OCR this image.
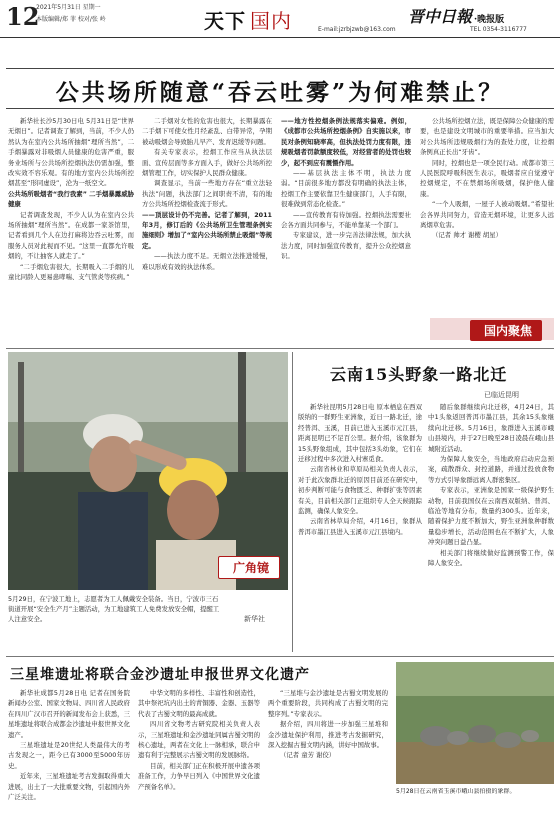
12
2021年5月31日 星期一
本版编辑/郑 菲 校对/张 岭	天下 国内	晋中日報 ·晚报版
E-mail:jzrbjzwb@163.com	TEL 0354-3116777
公共场所随意“吞云吐雾”为何难禁止？

新华社长沙5月30日电 5月31日是“世界无烟日”。记者调查了解到，当前，不少人仍然认为在室内公共场所抽烟“理所当然”，二手烟暴露对非吸烟人员健康的危害严重，服务业场所与公共场所控烟执法仍需加强，整改实效不容乐观。有的地方室内公共场所控烟甚至“形同虚设”，沦为一纸空文。

公共场所吸烟者“我行我素” 二手烟暴露威胁健康

记者调查发现，不少人认为在室内公共场所抽烟“理所当然”。在成都一家茶馆里，记者看到几个人在边打麻将边吞云吐雾，而服务人员对此视而不见。“这里一直都允许吸烟的，不让抽客人就走了。”

“二手烟危害很大，长期吸入二手烟的儿童比同龄人更易患哮喘、支气管炎等疾病。”

二手烟对女性的危害也很大，长期暴露在二手烟下可使女性月经紊乱、白带异常，孕期被动吸烟会导致胎儿早产、发育迟缓等问题。

有关专家表示，控烟工作应当从执法层面、宣传层面等多方面入手，做好公共场所控烟管理工作，切实保护人民群众健康。

调查显示，当前一些地方存在“重立法轻执法”问题，执法部门之间职责不清，有的地方公共场所控烟检查流于形式。

——顶层设计仍不完善。记者了解到，2011年3月，修订后的《公共场所卫生管理条例实施细则》增加了“室内公共场所禁止吸烟”等规定。

——执法力度不足。无烟立法推进缓慢，难以形成有效的执法体系。

——地方性控烟条例法规落实偏难。例如，《成都市公共场所控烟条例》自实施以来，市民对条例知晓率高，但执法处罚力度有限，违规吸烟者罚款额度较低，对经营者的处罚也较少，起不到应有震慑作用。

——基层执法主体不明，执法力度弱。“目前很多地方都没有明确的执法主体，控烟工作主要依靠卫生健康部门，人手有限，很难做到常态化检查。”

——宣传教育有待加强。控烟执法需要社会各方面共同参与，不能单靠某一个部门。

专家建议，进一步完善法律法规，加大执法力度，同时加强宣传教育，提升公众控烟意识。

公共场所控烟立法，既是保障公众健康的需要，也是建设文明城市的重要举措。应当加大对公共场所违规吸烟行为的查处力度，让控烟条例真正长出“牙齿”。

同时，控烟也是一项全民行动。成都市第三人民医院呼吸科医生表示，吸烟者应自觉遵守控烟规定，不在禁烟场所吸烟，保护他人健康。

“一个人吸烟，一屋子人被动吸烟。”希望社会各界共同努力，营造无烟环境，让更多人远离烟草危害。

（记者 帅才 谢樱 胡星）

国内聚焦
广角镜
5月29日，在宁波工地上，志愿者为工人佩戴安全装备。当日，宁波市三石街道开展“安全生产月”主题活动，为工地建筑工人免费发放安全帽，提醒工人注意安全。	新华社
云南15头野象一路北迁
已临近昆明

新华社昆明5月28日电 原本栖息在西双版纳的一群野生亚洲象，近日一路北迁，途经普洱、玉溪，目前已进入玉溪市元江县，距离昆明已不足百公里。据介绍，该象群为15头野象组成，其中包括3头幼象，它们在迁移过程中多次进入村寨觅食。

云南省林业和草原局相关负责人表示，对于此次象群北迁的原因目前还在研究中，初步判断可能与食物匮乏、种群扩张等因素有关，目前相关部门正组织专人全天候跟踪监测，确保人象安全。

云南省林草局介绍，4月16日，象群从普洱市墨江县进入玉溪市元江县境内。

随后象群继续向北迁移，4月24日，其中1头象返回普洱市墨江县，其余15头象继续向北迁移。5月16日，象群进入玉溪市峨山县境内，并于27日晚至28日凌晨在峨山县城附近活动。

为保障人象安全，当地政府启动应急预案，疏散群众、封控道路，并通过投放食物等方式引导象群远离人群密集区。

专家表示，亚洲象是国家一级保护野生动物，目前我国仅在云南西双版纳、普洱、临沧等地有分布，数量约300头。近年来，随着保护力度不断加大，野生亚洲象种群数量稳步增长，活动范围也在不断扩大，人象冲突问题日益凸显。

相关部门将继续做好监测预警工作，保障人象安全。

三星堆遗址将联合金沙遗址申报世界文化遗产

新华社成都5月28日电 记者在国务院新闻办公室、国家文物局、四川省人民政府在四川广汉市召开的新闻发布会上获悉，三星堆遗址将联合成都金沙遗址申报世界文化遗产。

三星堆遗址是20世纪人类最伟大的考古发现之一，距今已有3000至5000年历史。

近年来，三星堆遗址考古发掘取得重大进展，出土了一大批重要文物，引起国内外广泛关注。

中华文明的多样性、丰富性和创造性，其中祭祀坑内出土的青铜器、金器、玉器等代表了古蜀文明的最高成就。

四川省文物考古研究院相关负责人表示，三星堆遗址和金沙遗址同属古蜀文明的核心遗址，两者在文化上一脉相承，联合申遗有利于完整展示古蜀文明的发展脉络。

目前，相关部门正在积极开展申遗各项准备工作，力争早日列入《中国世界文化遗产预备名单》。

“三星堆与金沙遗址是古蜀文明发展的两个重要阶段，共同构成了古蜀文明的完整序列。”专家表示。

据介绍，四川将进一步加强三星堆和金沙遗址保护利用，推进考古发掘研究，深入挖掘古蜀文明内涵，讲好中国故事。

（记者 童芳 谢佼）

5月28日在云南省玉溪市峨山县拍摄的象群。
